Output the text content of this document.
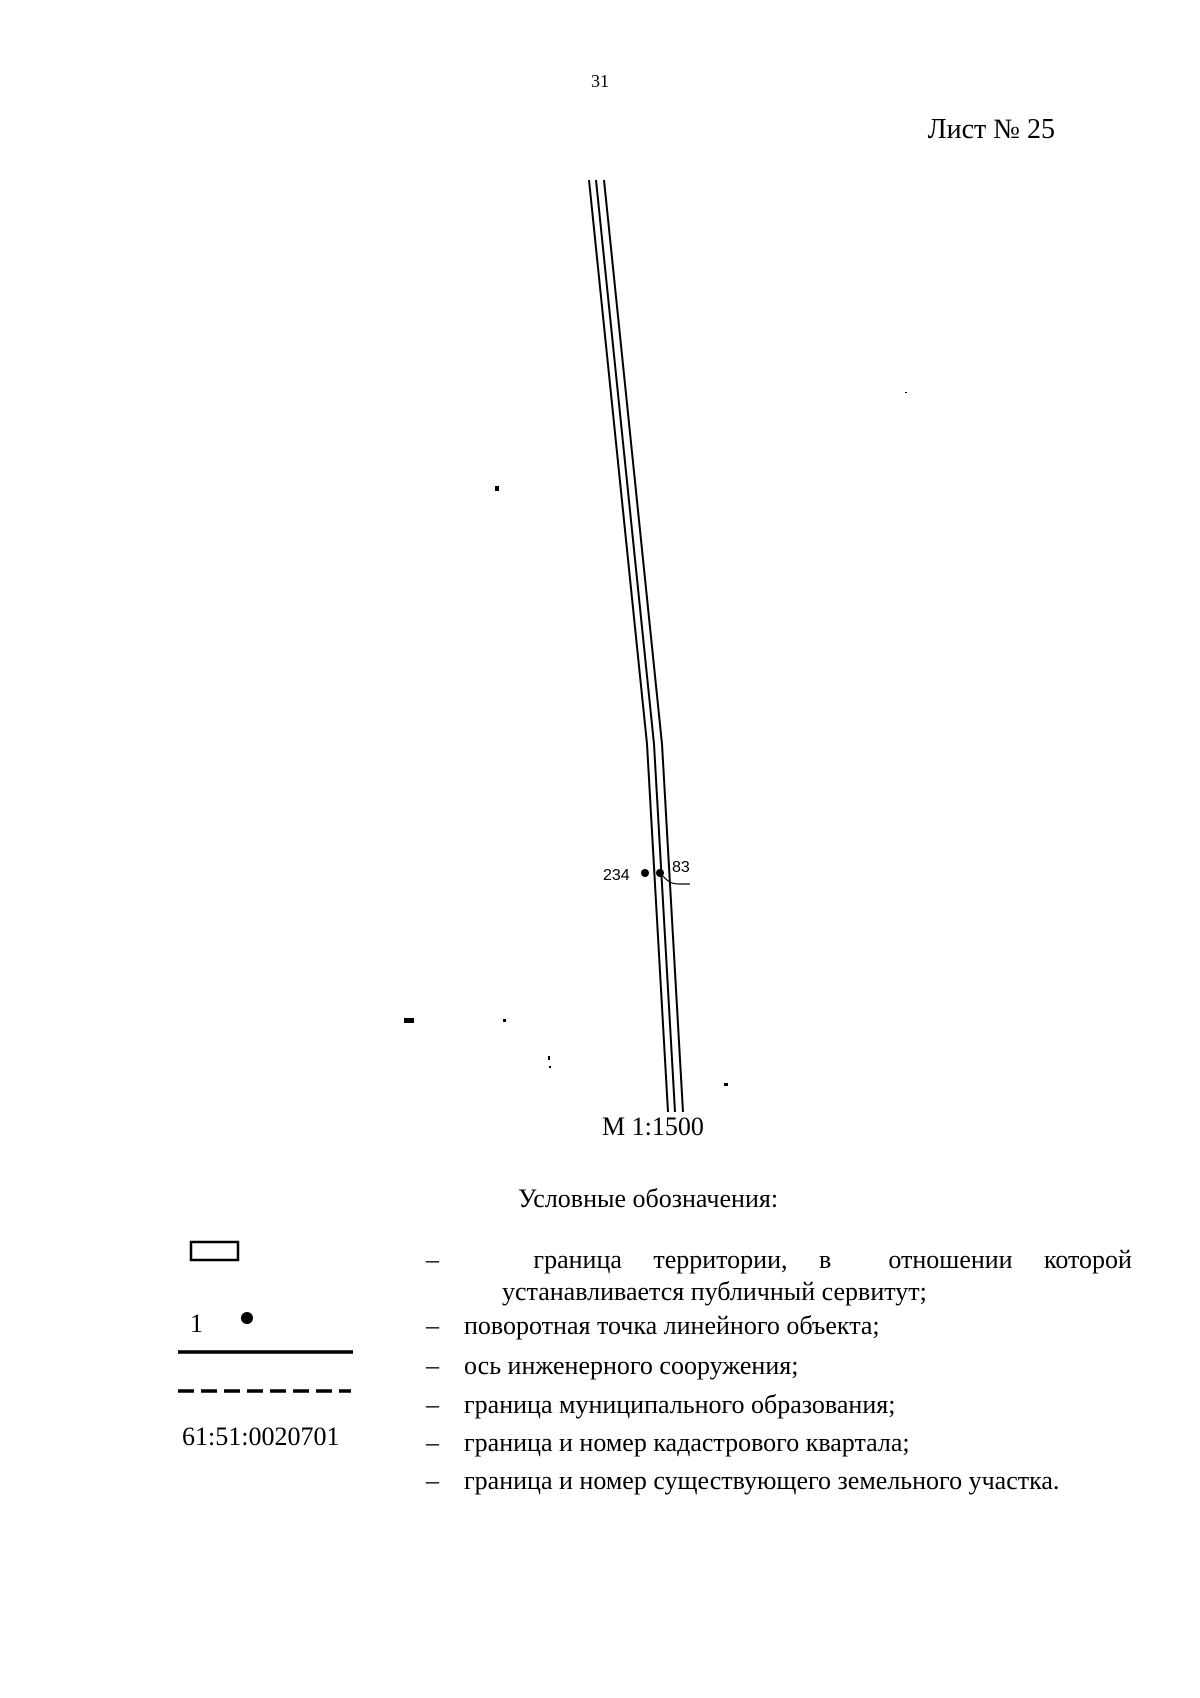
31
Лист № 25
234	83
М 1:1500
Условные обозначения:
1
61:51:0020701
–	граница территории, в	отношении которой
устанавливается публичный сервитут;
– поворотная точка линейного объекта;
– ось инженерного сооружения;
– граница муниципального образования;
– граница и номер кадастрового квартала;
– граница и номер существующего земельного участка.
